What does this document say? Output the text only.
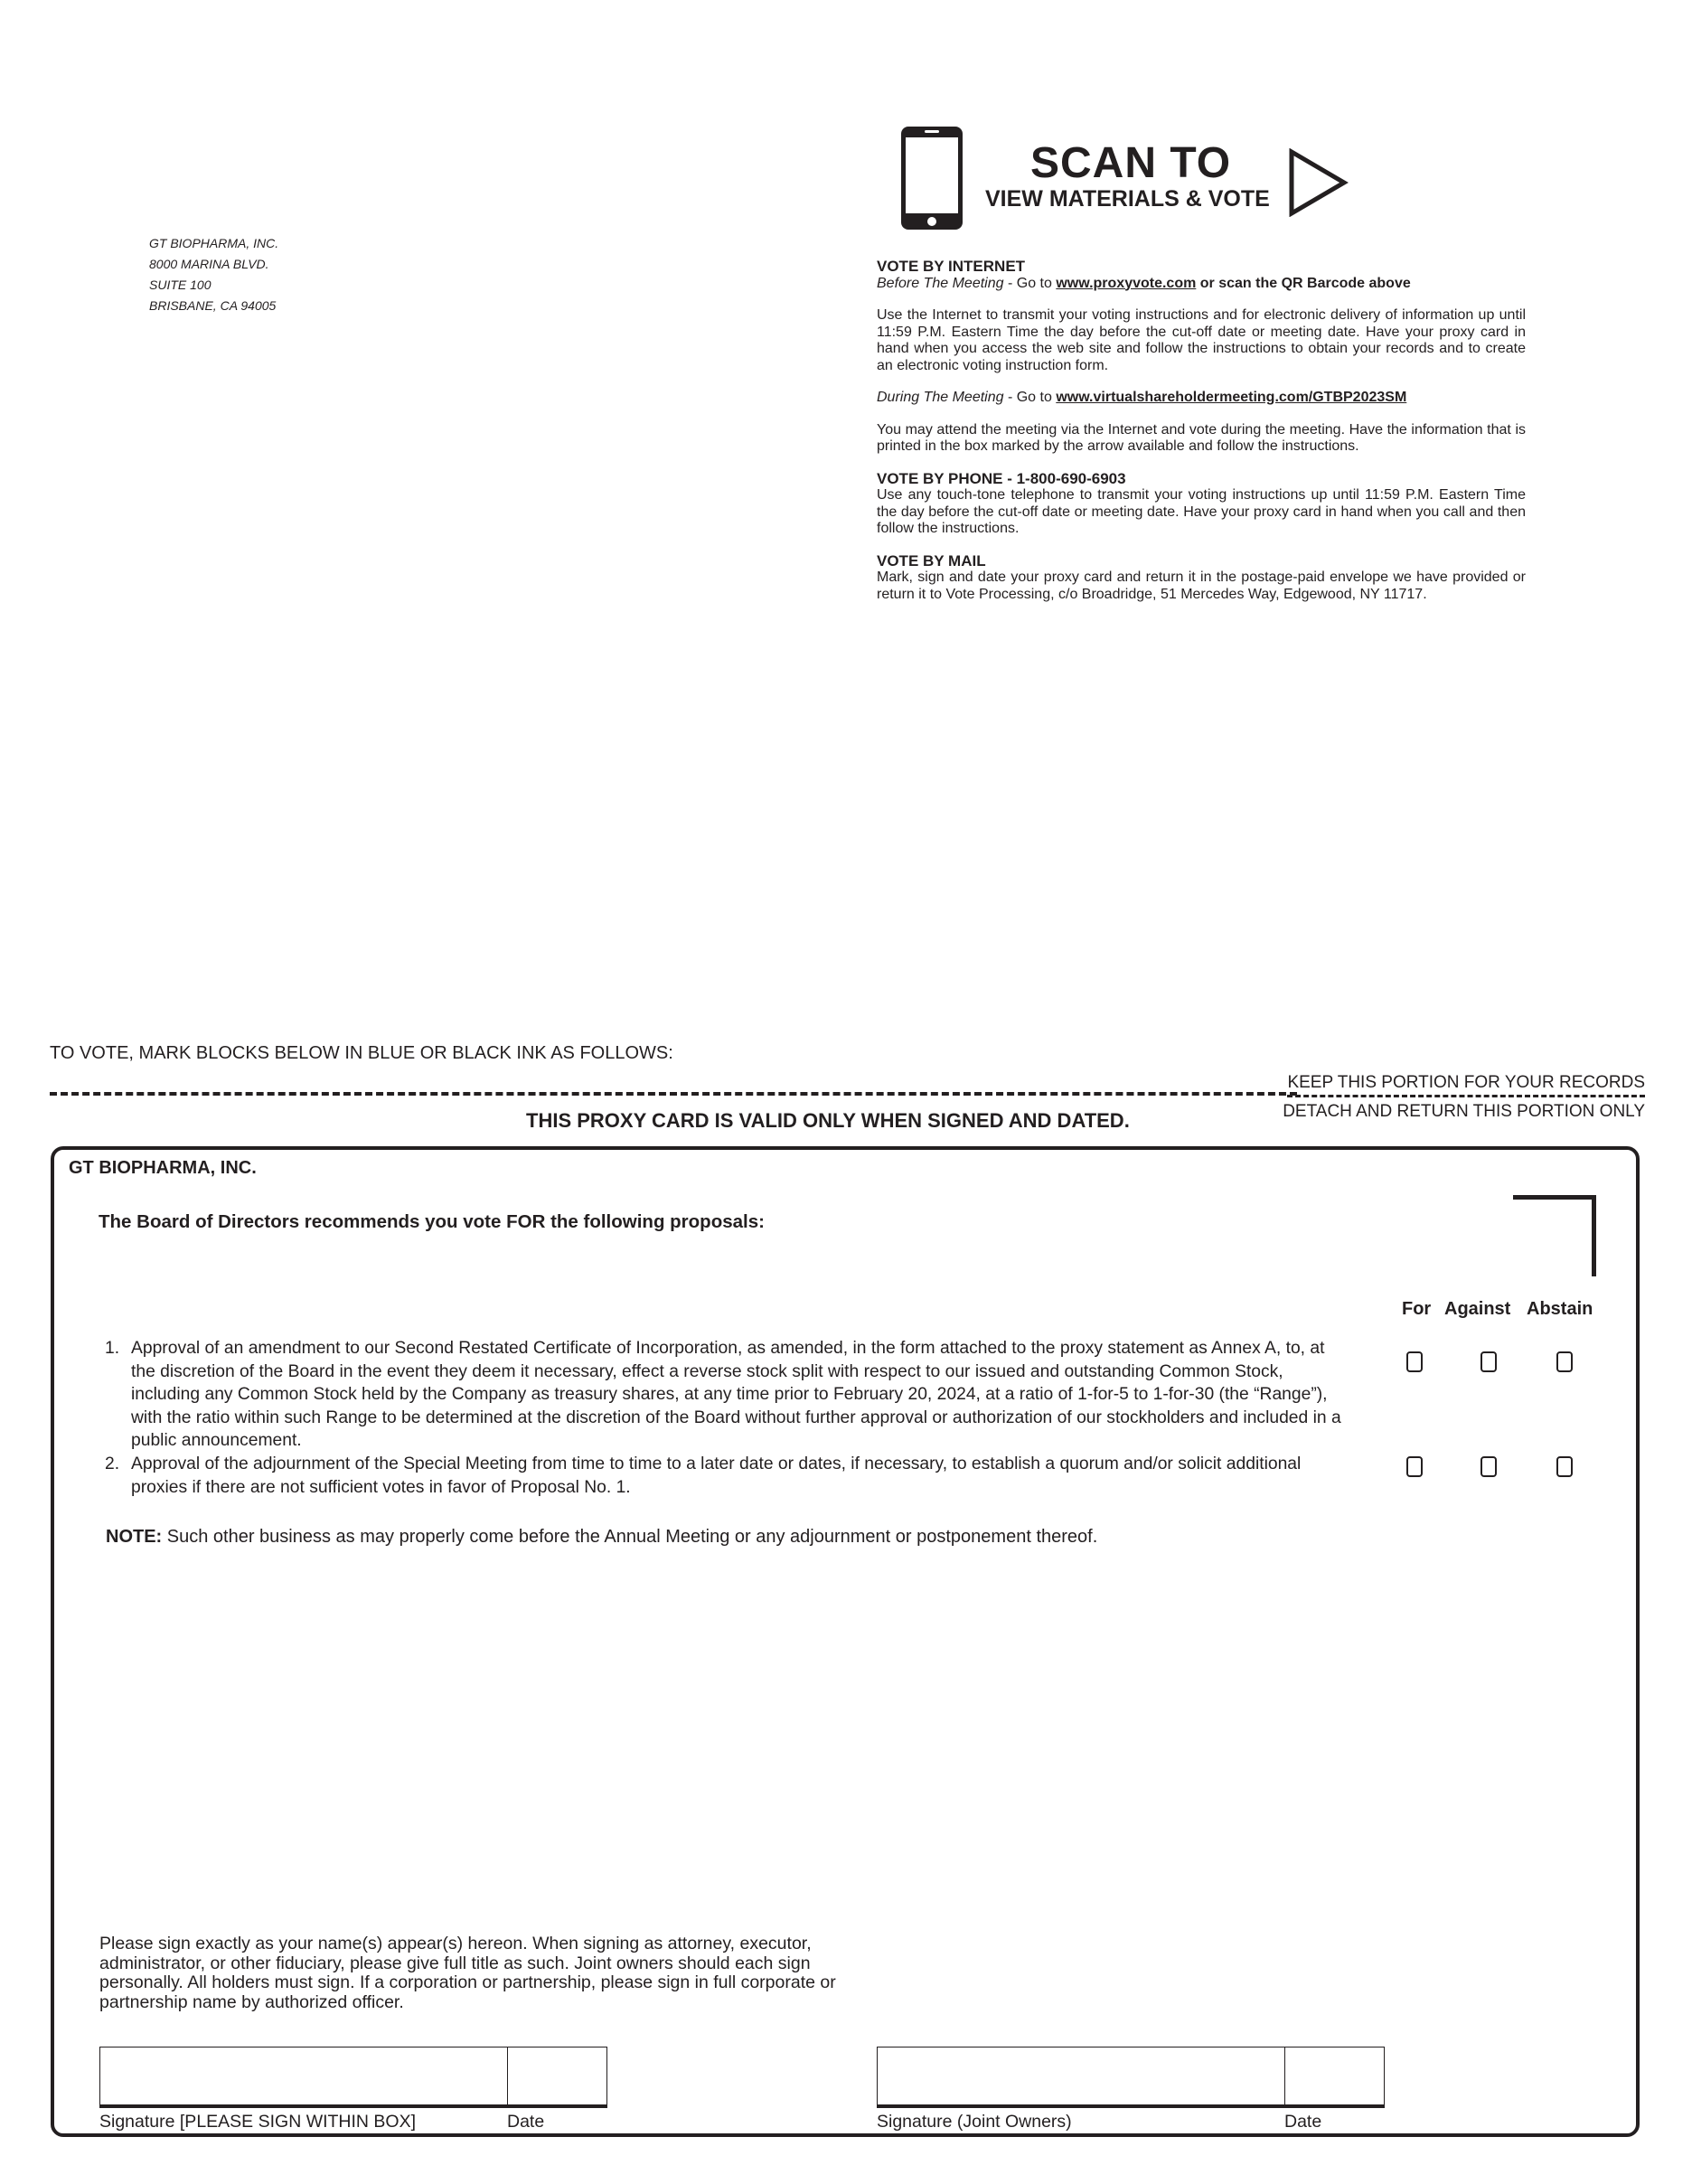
GT BIOPHARMA, INC.
8000 MARINA BLVD.
SUITE 100
BRISBANE, CA 94005
SCAN TO
VIEW MATERIALS & VOTE
VOTE BY INTERNET
Before The Meeting - Go to www.proxyvote.com or scan the QR Barcode above
Use the Internet to transmit your voting instructions and for electronic delivery of information up until 11:59 P.M. Eastern Time the day before the cut-off date or meeting date. Have your proxy card in hand when you access the web site and follow the instructions to obtain your records and to create an electronic voting instruction form.
During The Meeting - Go to www.virtualshareholdermeeting.com/GTBP2023SM
You may attend the meeting via the Internet and vote during the meeting. Have the information that is printed in the box marked by the arrow available and follow the instructions.
VOTE BY PHONE - 1-800-690-6903
Use any touch-tone telephone to transmit your voting instructions up until 11:59 P.M. Eastern Time the day before the cut-off date or meeting date. Have your proxy card in hand when you call and then follow the instructions.
VOTE BY MAIL
Mark, sign and date your proxy card and return it in the postage-paid envelope we have provided or return it to Vote Processing, c/o Broadridge, 51 Mercedes Way, Edgewood, NY 11717.
TO VOTE, MARK BLOCKS BELOW IN BLUE OR BLACK INK AS FOLLOWS:
KEEP THIS PORTION FOR YOUR RECORDS
DETACH AND RETURN THIS PORTION ONLY
THIS PROXY CARD IS VALID ONLY WHEN SIGNED AND DATED.
GT BIOPHARMA, INC.
The Board of Directors recommends you vote FOR the following proposals:
For Against Abstain
1. Approval of an amendment to our Second Restated Certificate of Incorporation, as amended, in the form attached to the proxy statement as Annex A, to, at the discretion of the Board in the event they deem it necessary, effect a reverse stock split with respect to our issued and outstanding Common Stock, including any Common Stock held by the Company as treasury shares, at any time prior to February 20, 2024, at a ratio of 1-for-5 to 1-for-30 (the “Range”), with the ratio within such Range to be determined at the discretion of the Board without further approval or authorization of our stockholders and included in a public announcement.
2. Approval of the adjournment of the Special Meeting from time to time to a later date or dates, if necessary, to establish a quorum and/or solicit additional proxies if there are not sufficient votes in favor of Proposal No. 1.
NOTE: Such other business as may properly come before the Annual Meeting or any adjournment or postponement thereof.
Please sign exactly as your name(s) appear(s) hereon. When signing as attorney, executor, administrator, or other fiduciary, please give full title as such. Joint owners should each sign personally. All holders must sign. If a corporation or partnership, please sign in full corporate or partnership name by authorized officer.
Signature [PLEASE SIGN WITHIN BOX]	Date	Signature (Joint Owners)	Date
